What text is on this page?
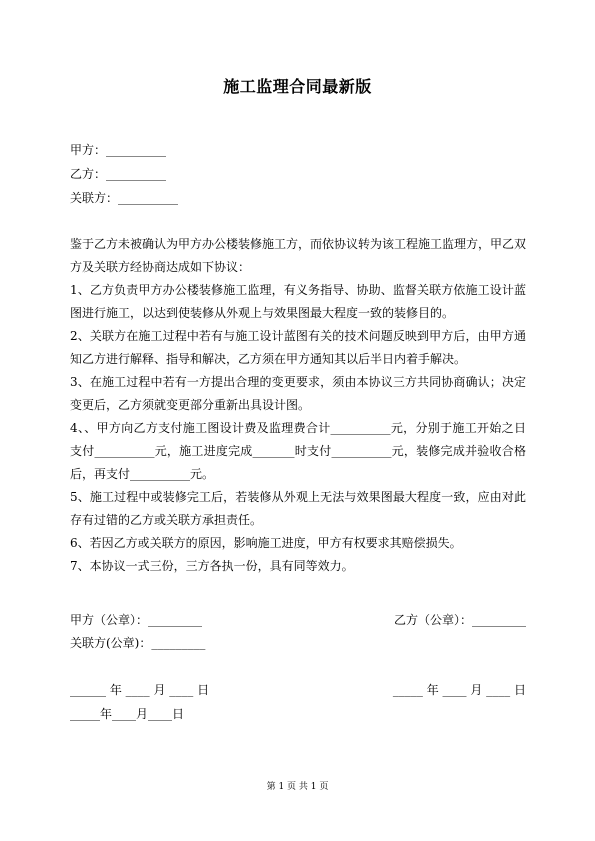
施工监理合同最新版
甲方：__________
乙方：__________
关联方：__________

鉴于乙方未被确认为甲方办公楼装修施工方，而依协议转为该工程施工监理方，甲乙双方及关联方经协商达成如下协议：

1、乙方负责甲方办公楼装修施工监理，有义务指导、协助、监督关联方依施工设计蓝图进行施工，以达到使装修从外观上与效果图最大程度一致的装修目的。

2、关联方在施工过程中若有与施工设计蓝图有关的技术问题反映到甲方后，由甲方通知乙方进行解释、指导和解决，乙方须在甲方通知其以后半日内着手解决。

3、在施工过程中若有一方提出合理的变更要求，须由本协议三方共同协商确认；决定变更后，乙方须就变更部分重新出具设计图。

4、、甲方向乙方支付施工图设计费及监理费合计__________元，分别于施工开始之日支付__________元，施工进度完成_______时支付__________元，装修完成并验收合格后，再支付__________元。

5、施工过程中或装修完工后，若装修从外观上无法与效果图最大程度一致，应由对此存有过错的乙方或关联方承担责任。

6、若因乙方或关联方的原因，影响施工进度，甲方有权要求其赔偿损失。

7、本协议一式三份，三方各执一份，具有同等效力。

甲方（公章）：_________	乙方（公章）：_________
关联方(公章)：_________
______ 年 ____ 月 ____ 日	_____ 年 ____ 月 ____ 日
_____年____月____日
第 1 页 共 1 页
